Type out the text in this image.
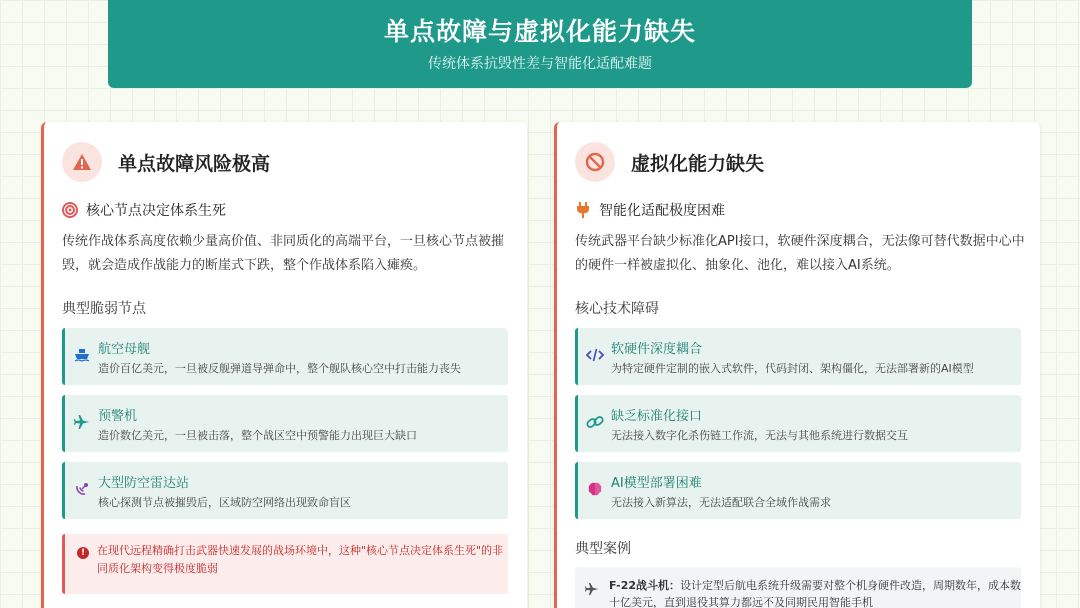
单点故障与虚拟化能力缺失
传统体系抗毁性差与智能化适配难题
单点故障风险极高
核心节点决定体系生死
传统作战体系高度依赖少量高价值、非同质化的高端平台，一旦核心节点被摧毁，就会造成作战能力的断崖式下跌，整个作战体系陷入瘫痪。
典型脆弱节点
航空母舰
造价百亿美元，一旦被反舰弹道导弹命中，整个舰队核心空中打击能力丧失
预警机
造价数亿美元，一旦被击落，整个战区空中预警能力出现巨大缺口
大型防空雷达站
核心探测节点被摧毁后，区域防空网络出现致命盲区
!	在现代远程精确打击武器快速发展的战场环境中，这种"核心节点决定体系生死"的非同质化架构变得极度脆弱
虚拟化能力缺失
智能化适配极度困难
传统武器平台缺少标准化API接口，软硬件深度耦合，无法像可替代数据中心中的硬件一样被虚拟化、抽象化、池化，难以接入AI系统。
核心技术障碍
软硬件深度耦合
为特定硬件定制的嵌入式软件，代码封闭、架构僵化，无法部署新的AI模型
缺乏标准化接口
无法接入数字化杀伤链工作流，无法与其他系统进行数据交互
AI模型部署困难
无法接入新算法，无法适配联合全域作战需求
典型案例
F-22战斗机：设计定型后航电系统升级需要对整个机身硬件改造，周期数年，成本数十亿美元，直到退役其算力都远不及同期民用智能手机
